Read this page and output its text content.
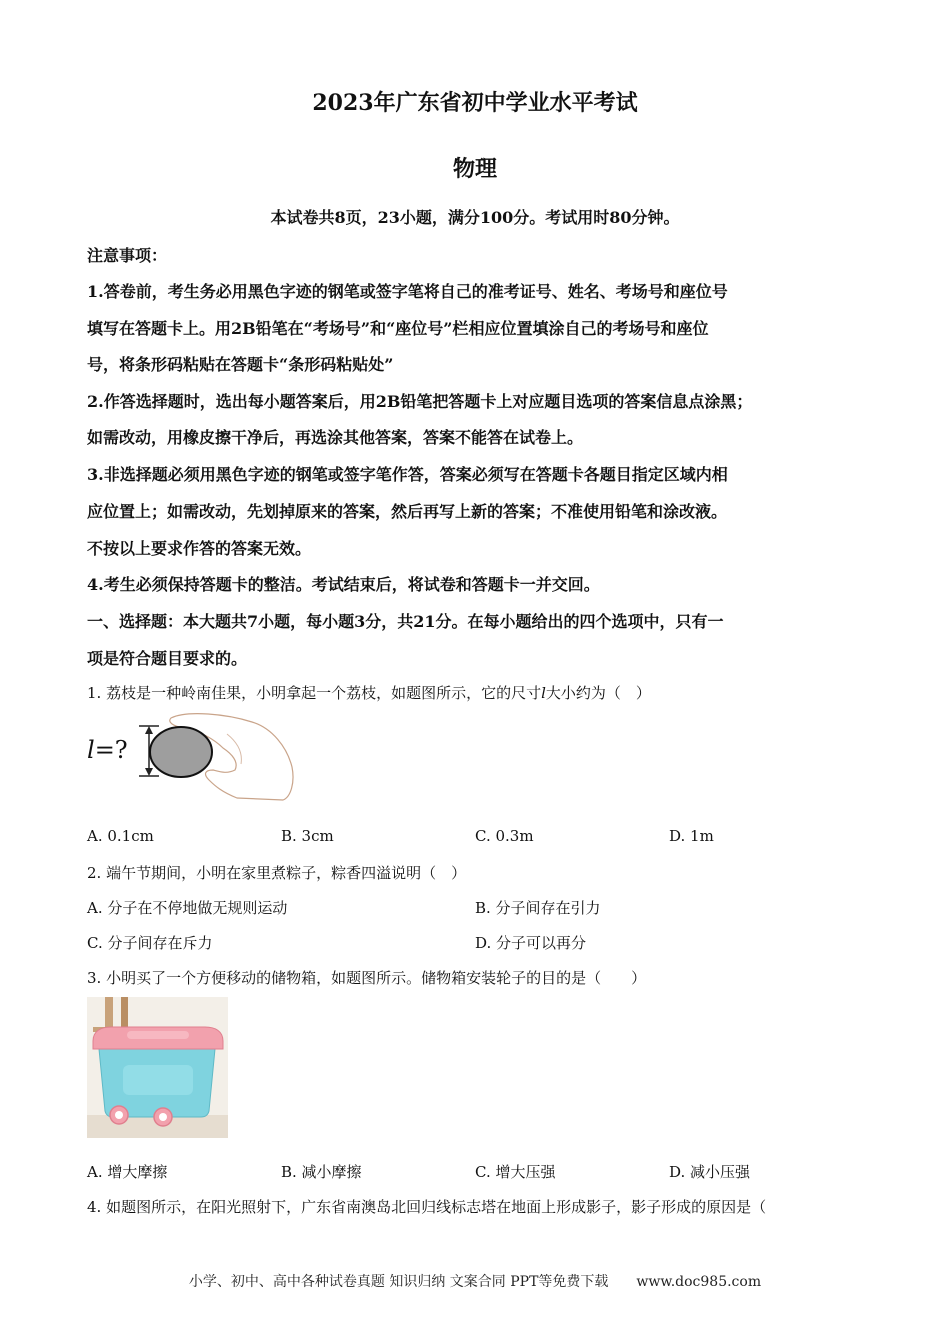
2023年广东省初中学业水平考试
物理
本试卷共8页，23小题，满分100分。考试用时80分钟。
注意事项：
1.答卷前，考生务必用黑色字迹的钢笔或签字笔将自己的准考证号、姓名、考场号和座位号
填写在答题卡上。用2B铅笔在“考场号”和“座位号”栏相应位置填涂自己的考场号和座位
号，将条形码粘贴在答题卡“条形码粘贴处”
2.作答选择题时，选出每小题答案后，用2B铅笔把答题卡上对应题目选项的答案信息点涂黑；
如需改动，用橡皮擦干净后，再选涂其他答案，答案不能答在试卷上。
3.非选择题必须用黑色字迹的钢笔或签字笔作答，答案必须写在答题卡各题目指定区域内相
应位置上；如需改动，先划掉原来的答案，然后再写上新的答案；不准使用铅笔和涂改液。
不按以上要求作答的答案无效。
4.考生必须保持答题卡的整洁。考试结束后，将试卷和答题卡一并交回。
一、选择题：本大题共7小题，每小题3分，共21分。在每小题给出的四个选项中，只有一
项是符合题目要求的。
1. 荔枝是一种岭南佳果，小明拿起一个荔枝，如题图所示，它的尺寸l大小约为（　）
l=?
A. 0.1cm	B. 3cm	C. 0.3m	D. 1m
2. 端午节期间，小明在家里煮粽子，粽香四溢说明（　）
A. 分子在不停地做无规则运动	B. 分子间存在引力
C. 分子间存在斥力	D. 分子可以再分
3. 小明买了一个方便移动的储物箱，如题图所示。储物箱安装轮子的目的是（　　）
A. 增大摩擦	B. 减小摩擦	C. 增大压强	D. 减小压强
4. 如题图所示，在阳光照射下，广东省南澳岛北回归线标志塔在地面上形成影子，影子形成的原因是（
小学、初中、高中各种试卷真题 知识归纳 文案合同 PPT等免费下载　　www.doc985.com
